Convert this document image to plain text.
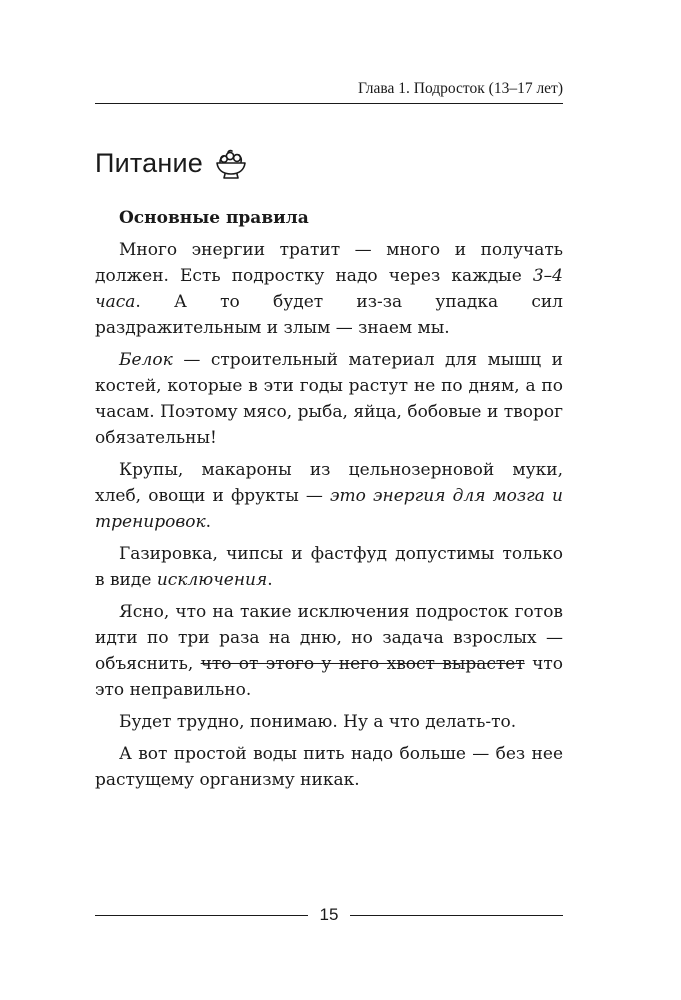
Глава 1. Подросток (13–17 лет)
Питание
Основные правила

Много энергии тратит — много и получать должен. Есть подростку надо через каждые 3–4 часа. А то будет из-за упадка сил раздражительным и злым — знаем мы.

Белок — строительный материал для мышц и костей, которые в эти годы растут не по дням, а по часам. Поэтому мясо, рыба, яйца, бобовые и творог обязательны!

Крупы, макароны из цельнозерновой муки, хлеб, овощи и фрукты — это энергия для мозга и тренировок.

Газировка, чипсы и фастфуд допустимы только в виде исключения.

Ясно, что на такие исключения подросток готов идти по три раза на дню, но задача взрослых — объяснить, что от этого у него хвост вырастет что это неправильно.

Будет трудно, понимаю. Ну а что делать-то.

А вот простой воды пить надо больше — без нее растущему организму никак.

15
